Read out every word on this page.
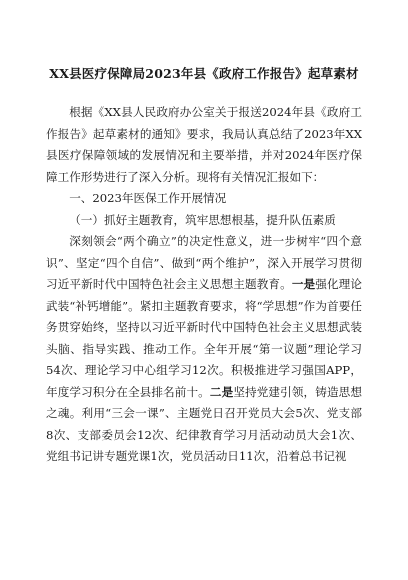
XX县医疗保障局2023年县《政府工作报告》起草素材

根据《XX县人民政府办公室关于报送2024年县《政府工作报告》起草素材的通知》要求，我局认真总结了2023年XX县医疗保障领域的发展情况和主要举措，并对2024年医疗保障工作形势进行了深入分析。现将有关情况汇报如下：

一、2023年医保工作开展情况

（一）抓好主题教育，筑牢思想根基，提升队伍素质

深刻领会“两个确立”的决定性意义，进一步树牢“四个意识”、坚定“四个自信”、做到“两个维护”，深入开展学习贯彻习近平新时代中国特色社会主义思想主题教育。一是强化理论武装“补钙增能”。紧扣主题教育要求，将“学思想”作为首要任务贯穿始终，坚持以习近平新时代中国特色社会主义思想武装头脑、指导实践、推动工作。全年开展“第一议题”理论学习54次、理论学习中心组学习12次。积极推进学习强国APP，年度学习积分在全县排名前十。二是坚持党建引领，铸造思想之魂。利用“三会一课”、主题党日召开党员大会5次、党支部8次、支部委员会12次、纪律教育学习月活动动员大会1次、党组书记讲专题党课1次，党员活动日11次，沿着总书记视
